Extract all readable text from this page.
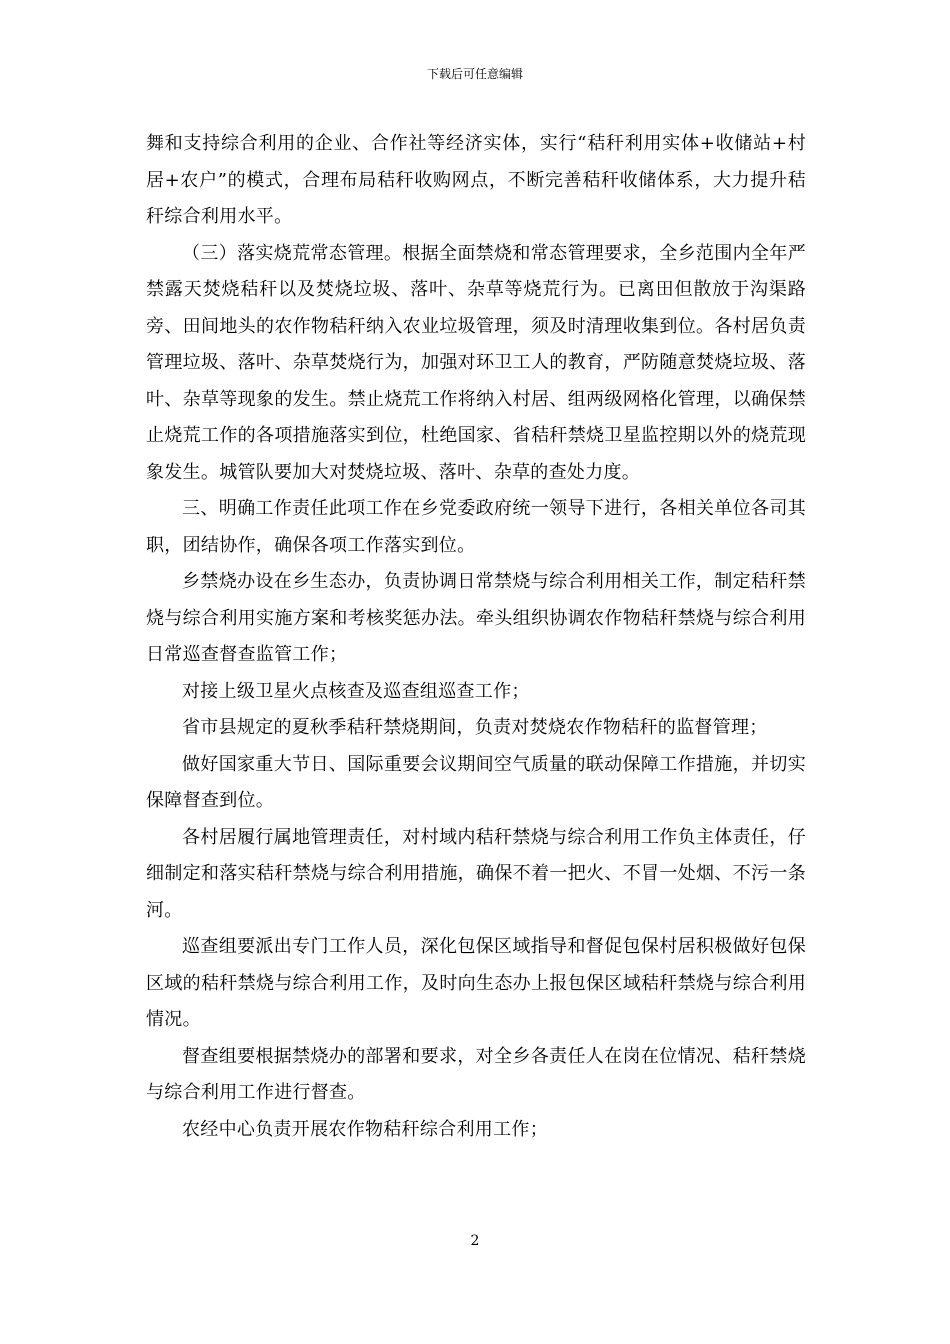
下载后可任意编辑

舞和支持综合利用的企业、合作社等经济实体，实行“秸秆利用实体+收储站+村居+农户”的模式，合理布局秸秆收购网点，不断完善秸秆收储体系，大力提升秸秆综合利用水平。

（三）落实烧荒常态管理。根据全面禁烧和常态管理要求，全乡范围内全年严禁露天焚烧秸秆以及焚烧垃圾、落叶、杂草等烧荒行为。已离田但散放于沟渠路旁、田间地头的农作物秸秆纳入农业垃圾管理，须及时清理收集到位。各村居负责管理垃圾、落叶、杂草焚烧行为，加强对环卫工人的教育，严防随意焚烧垃圾、落叶、杂草等现象的发生。禁止烧荒工作将纳入村居、组两级网格化管理，以确保禁止烧荒工作的各项措施落实到位，杜绝国家、省秸秆禁烧卫星监控期以外的烧荒现象发生。城管队要加大对焚烧垃圾、落叶、杂草的查处力度。

三、明确工作责任此项工作在乡党委政府统一领导下进行，各相关单位各司其职，团结协作，确保各项工作落实到位。

乡禁烧办设在乡生态办，负责协调日常禁烧与综合利用相关工作，制定秸秆禁烧与综合利用实施方案和考核奖惩办法。牵头组织协调农作物秸秆禁烧与综合利用日常巡查督查监管工作；

对接上级卫星火点核查及巡查组巡查工作；

省市县规定的夏秋季秸秆禁烧期间，负责对焚烧农作物秸秆的监督管理；

做好国家重大节日、国际重要会议期间空气质量的联动保障工作措施，并切实保障督查到位。

各村居履行属地管理责任，对村域内秸秆禁烧与综合利用工作负主体责任，仔细制定和落实秸秆禁烧与综合利用措施，确保不着一把火、不冒一处烟、不污一条河。

巡查组要派出专门工作人员，深化包保区域指导和督促包保村居积极做好包保区域的秸秆禁烧与综合利用工作，及时向生态办上报包保区域秸秆禁烧与综合利用情况。

督查组要根据禁烧办的部署和要求，对全乡各责任人在岗在位情况、秸秆禁烧与综合利用工作进行督查。

农经中心负责开展农作物秸秆综合利用工作；

2
